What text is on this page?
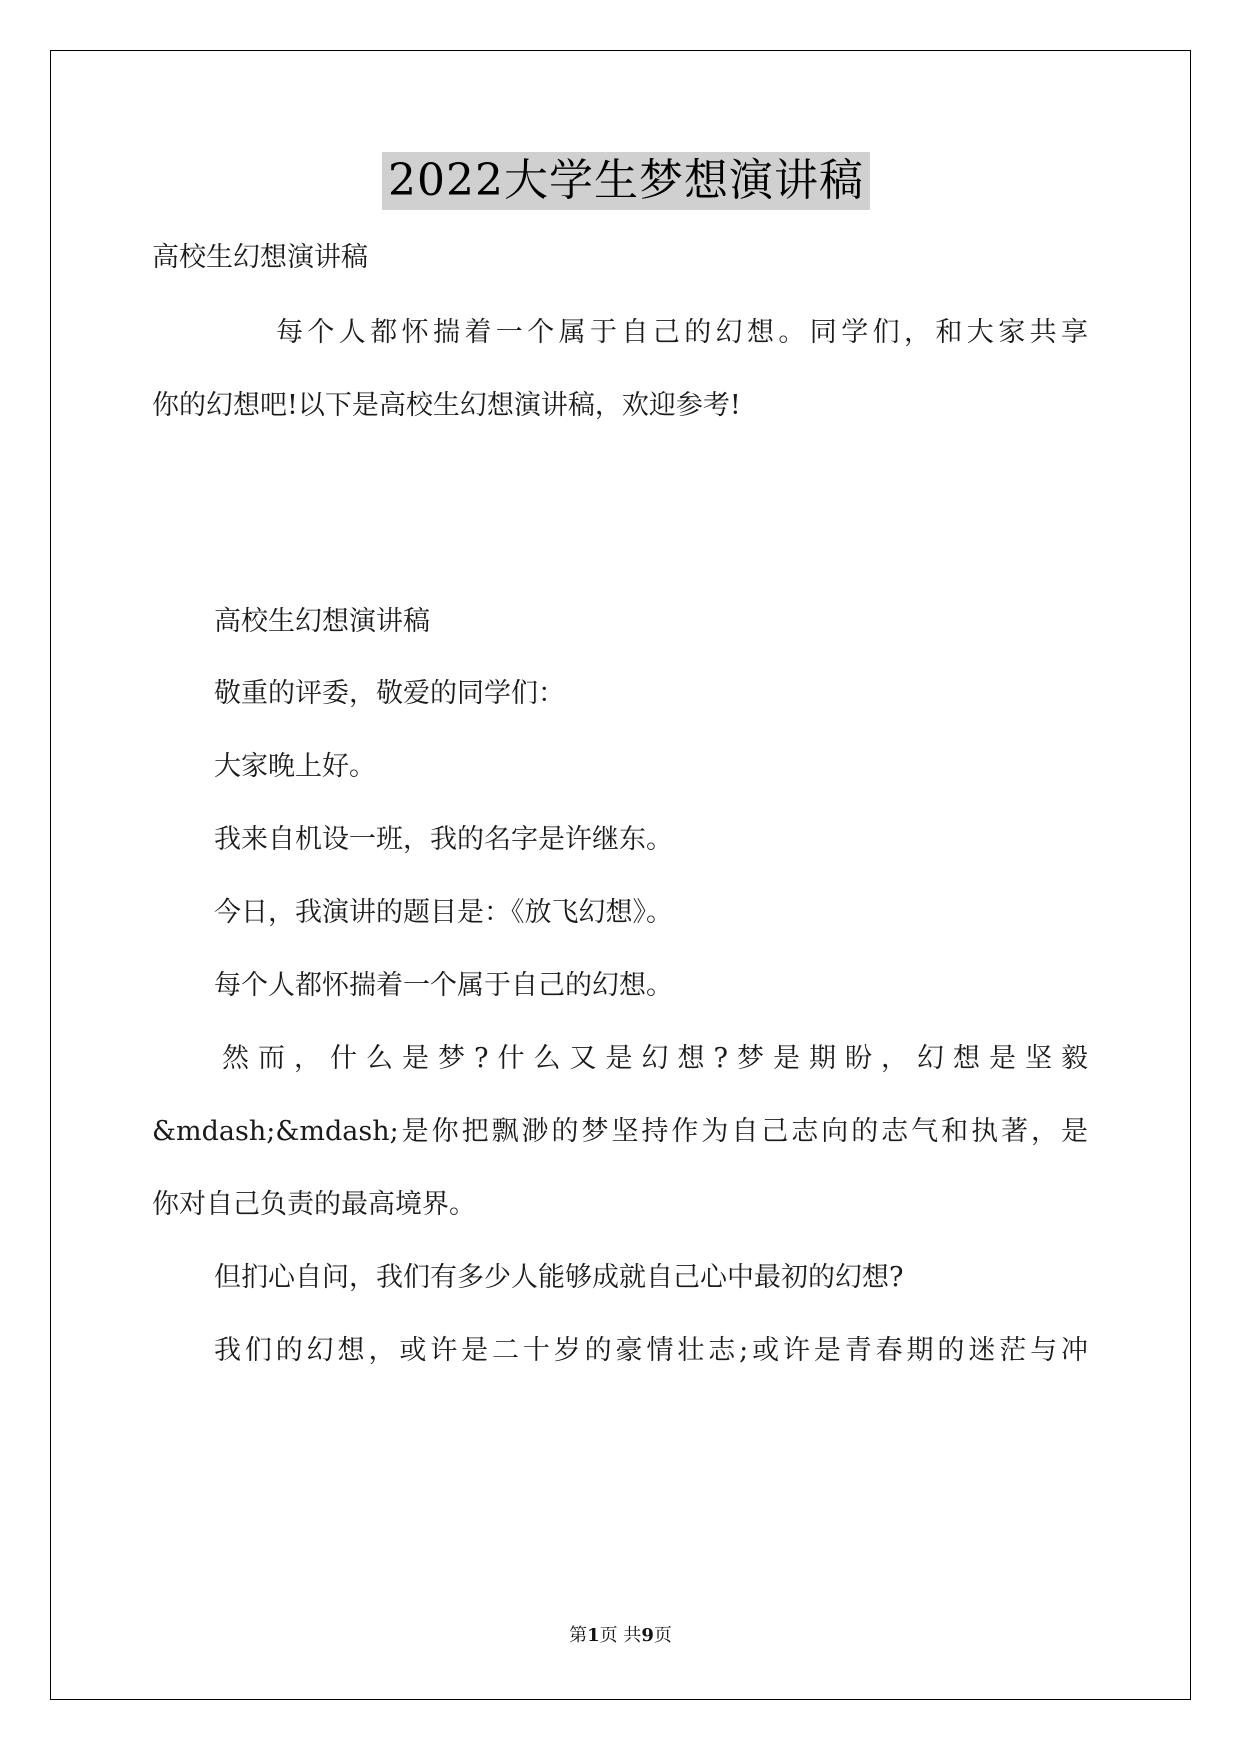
2022大学生梦想演讲稿
高校生幻想演讲稿
每个人都怀揣着一个属于自己的幻想。同学们，和大家共享
你的幻想吧!以下是高校生幻想演讲稿，欢迎参考!
高校生幻想演讲稿
敬重的评委，敬爱的同学们：
大家晚上好。
我来自机设一班，我的名字是许继东。
今日，我演讲的题目是：《放飞幻想》。
每个人都怀揣着一个属于自己的幻想。
然而，什么是梦?什么又是幻想?梦是期盼，幻想是坚毅
&mdash;&mdash;是你把飘渺的梦坚持作为自己志向的志气和执著，是
你对自己负责的最高境界。
但扪心自问，我们有多少人能够成就自己心中最初的幻想?
我们的幻想，或许是二十岁的豪情壮志;或许是青春期的迷茫与冲
第1页 共9页
